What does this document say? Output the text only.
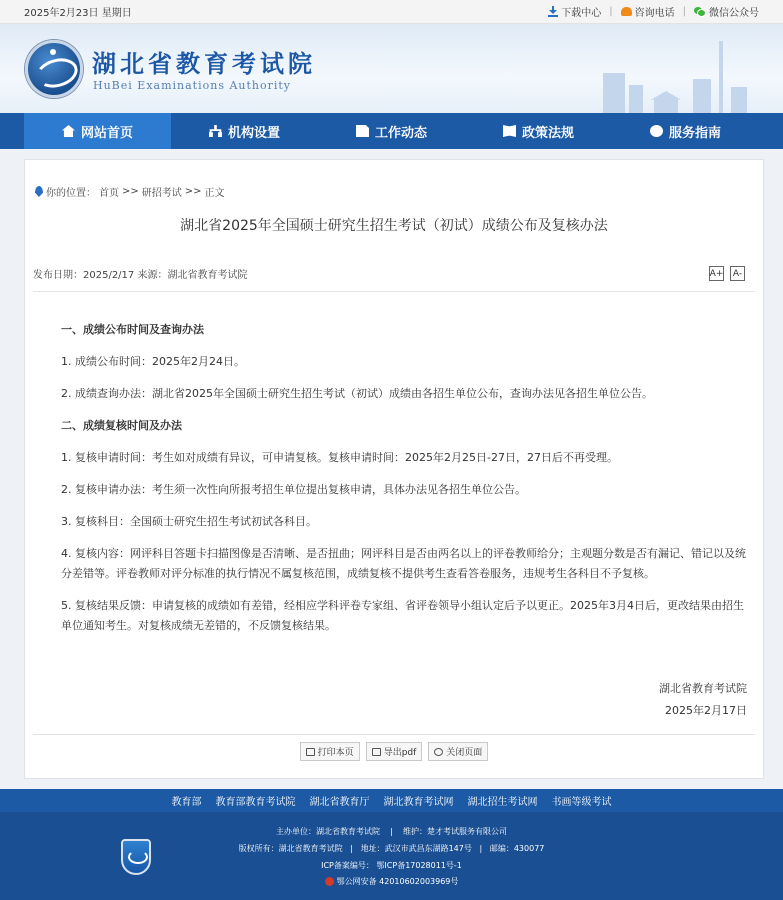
2025年2月23日 星期日	下载中心 | 咨询电话 | 微信公众号
湖北省教育考试院
HuBei Examinations Authority
网站首页	机构设置	工作动态	政策法规	服务指南
你的位置： 首页 >> 研招考试 >> 正文
湖北省2025年全国硕士研究生招生考试（初试）成绩公布及复核办法
发布日期：2025/2/17 来源：湖北省教育考试院	A+	A-

一、成绩公布时间及查询办法

1. 成绩公布时间：2025年2月24日。

2. 成绩查询办法：湖北省2025年全国硕士研究生招生考试（初试）成绩由各招生单位公布，查询办法见各招生单位公告。

二、成绩复核时间及办法

1. 复核申请时间：考生如对成绩有异议，可申请复核。复核申请时间：2025年2月25日-27日，27日后不再受理。

2. 复核申请办法：考生须一次性向所报考招生单位提出复核申请，具体办法见各招生单位公告。

3. 复核科目：全国硕士研究生招生考试初试各科目。

4. 复核内容：网评科目答题卡扫描图像是否清晰、是否扭曲；网评科目是否由两名以上的评卷教师给分；主观题分数是否有漏记、错记以及统分差错等。评卷教师对评分标准的执行情况不属复核范围，成绩复核不提供考生查看答卷服务，违规考生各科目不予复核。

5. 复核结果反馈：申请复核的成绩如有差错，经相应学科评卷专家组、省评卷领导小组认定后予以更正。2025年3月4日后，更改结果由招生单位通知考生。对复核成绩无差错的，不反馈复核结果。

湖北省教育考试院
2025年2月17日
打印本页	导出pdf	关闭页面
教育部 教育部教育考试院 湖北省教育厅 湖北教育考试网 湖北招生考试网 书画等级考试
主办单位：湖北省教育考试院 | 维护：楚才考试服务有限公司
版权所有：湖北省教育考试院 | 地址：武汉市武昌东湖路147号 | 邮编：430077
ICP备案编号： 鄂ICP备17028011号-1
鄂公网安备 42010602003969号
